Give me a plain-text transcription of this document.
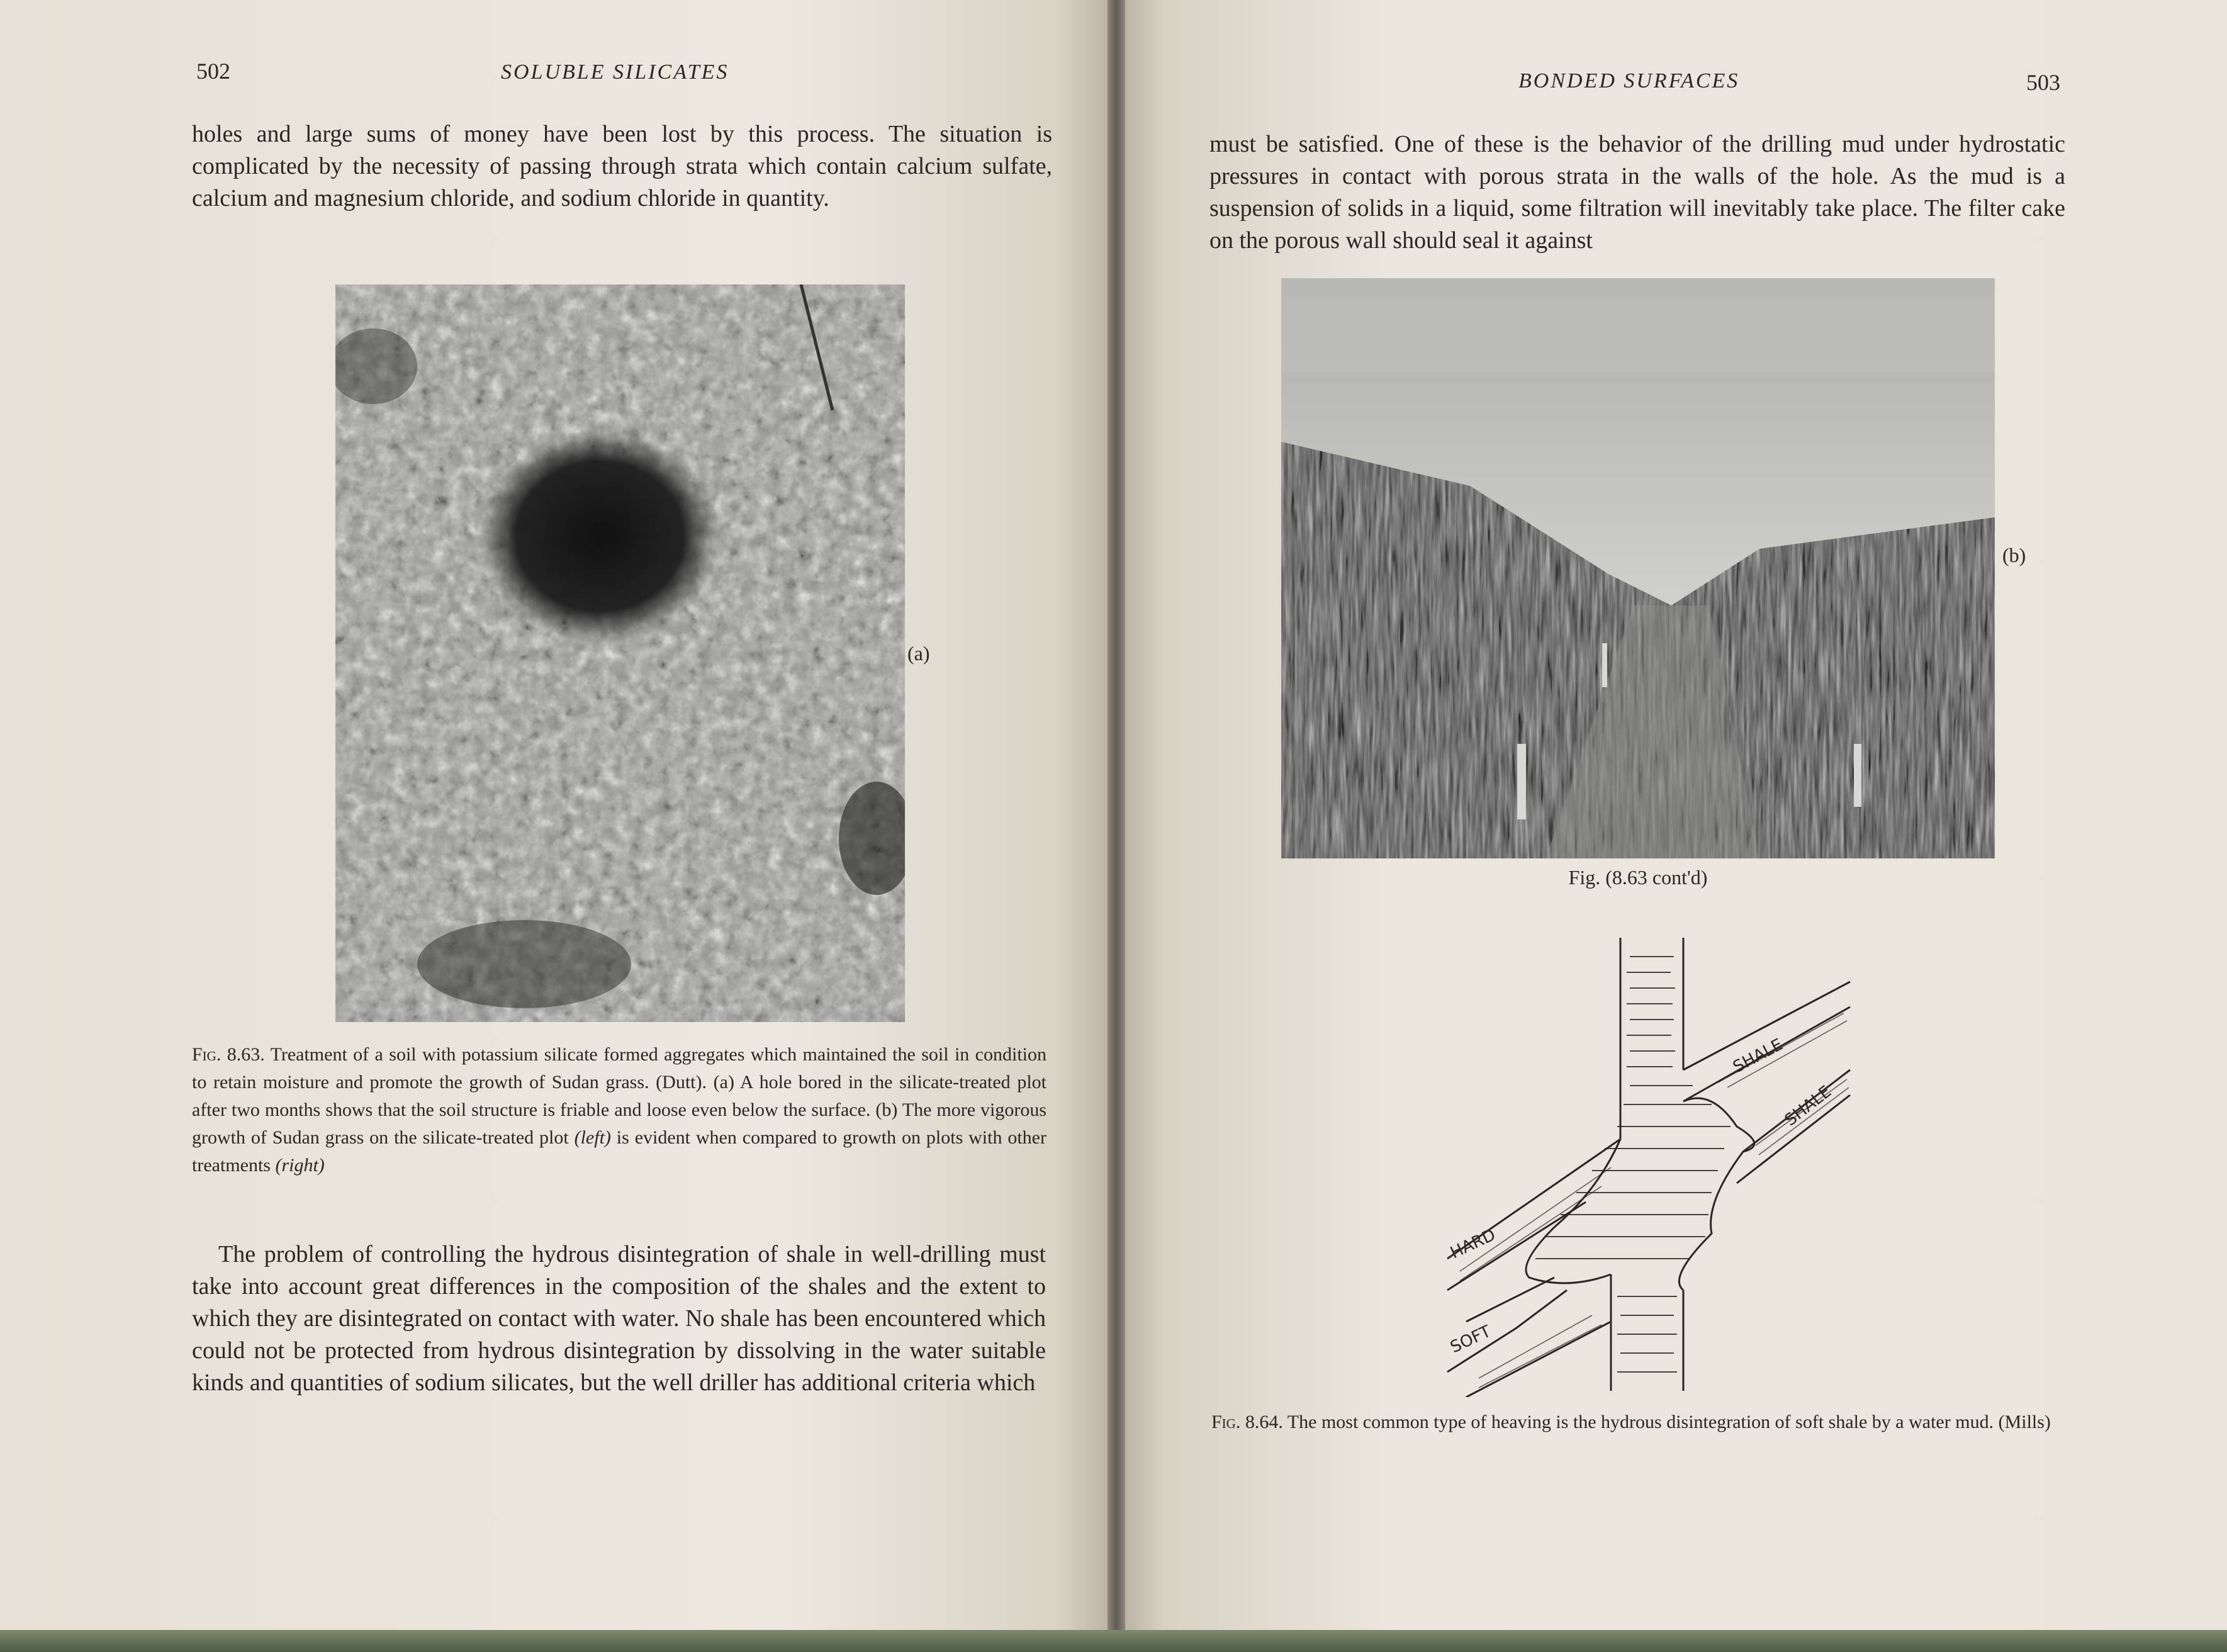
502	SOLUBLE SILICATES

holes and large sums of money have been lost by this process. The situation is complicated by the necessity of passing through strata which contain calcium sulfate, calcium and magnesium chloride, and sodium chloride in quantity.

(a)
Fig. 8.63. Treatment of a soil with potassium silicate formed aggregates which maintained the soil in condition to retain moisture and promote the growth of Sudan grass. (Dutt). (a) A hole bored in the silicate-treated plot after two months shows that the soil structure is friable and loose even below the surface. (b) The more vigorous growth of Sudan grass on the silicate-treated plot (left) is evident when compared to growth on plots with other treatments (right)

The problem of controlling the hydrous disintegration of shale in well-drilling must take into account great differences in the composition of the shales and the extent to which they are disintegrated on contact with water. No shale has been encountered which could not be protected from hydrous disintegration by dissolving in the water suitable kinds and quantities of sodium silicates, but the well driller has additional criteria which

BONDED SURFACES	503

must be satisfied. One of these is the behavior of the drilling mud under hydrostatic pressures in contact with porous strata in the walls of the hole. As the mud is a suspension of solids in a liquid, some filtration will inevitably take place. The filter cake on the porous wall should seal it against

(b)
Fig. (8.63 cont'd)
SHALE
SHALE
HARD
SOFT
Fig. 8.64. The most common type of heaving is the hydrous disintegration of soft shale by a water mud. (Mills)
